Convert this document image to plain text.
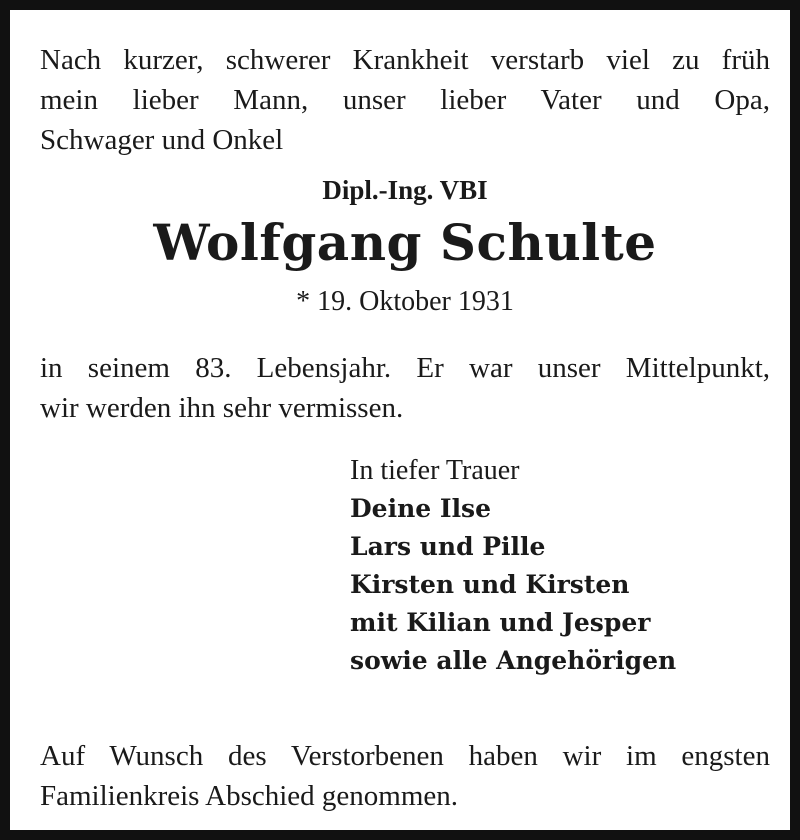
Nach kurzer, schwerer Krankheit verstarb viel zu früh
mein lieber Mann, unser lieber Vater und Opa,
Schwager und Onkel

Dipl.-Ing. VBI
Wolfgang Schulte
* 19. Oktober 1931

in seinem 83. Lebensjahr. Er war unser Mittelpunkt,
wir werden ihn sehr vermissen.

In tiefer Trauer
Deine Ilse
Lars und Pille
Kirsten und Kirsten
mit Kilian und Jesper
sowie alle Angehörigen

Auf Wunsch des Verstorbenen haben wir im engsten
Familienkreis Abschied genommen.
